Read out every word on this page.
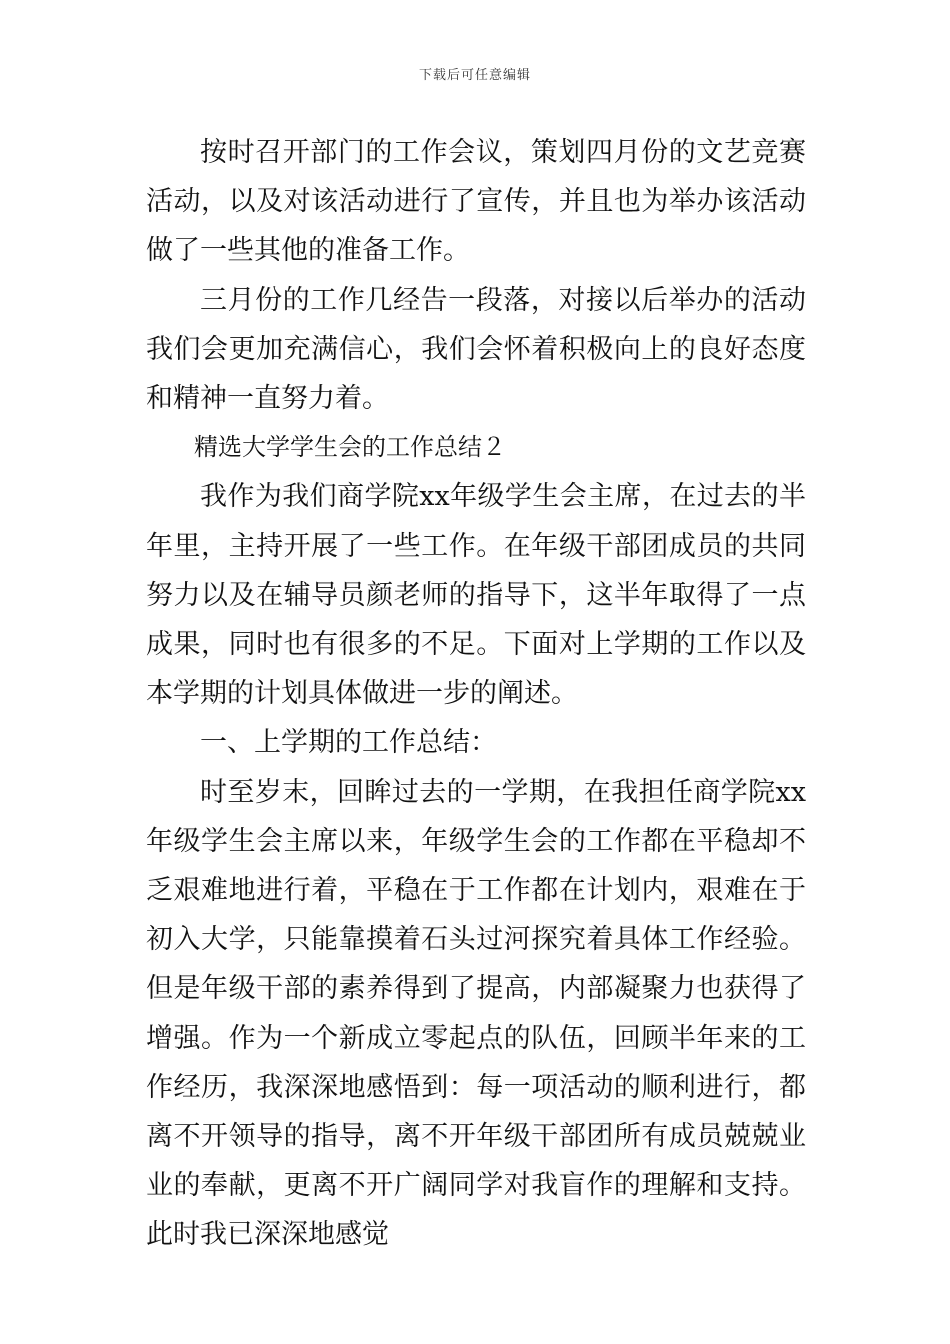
下载后可任意编辑

按时召开部门的工作会议，策划四月份的文艺竞赛活动，以及对该活动进行了宣传，并且也为举办该活动做了一些其他的准备工作。

三月份的工作几经告一段落，对接以后举办的活动我们会更加充满信心，我们会怀着积极向上的良好态度和精神一直努力着。

精选大学学生会的工作总结２

我作为我们商学院xx年级学生会主席，在过去的半年里，主持开展了一些工作。在年级干部团成员的共同努力以及在辅导员颜老师的指导下，这半年取得了一点成果，同时也有很多的不足。下面对上学期的工作以及本学期的计划具体做进一步的阐述。

一、上学期的工作总结：

时至岁末，回眸过去的一学期，在我担任商学院xx年级学生会主席以来，年级学生会的工作都在平稳却不乏艰难地进行着，平稳在于工作都在计划内，艰难在于初入大学，只能靠摸着石头过河探究着具体工作经验。但是年级干部的素养得到了提高，内部凝聚力也获得了增强。作为一个新成立零起点的队伍，回顾半年来的工作经历，我深深地感悟到：每一项活动的顺利进行，都离不开领导的指导，离不开年级干部团所有成员兢兢业业的奉献，更离不开广阔同学对我盲作的理解和支持。此时我已深深地感觉
